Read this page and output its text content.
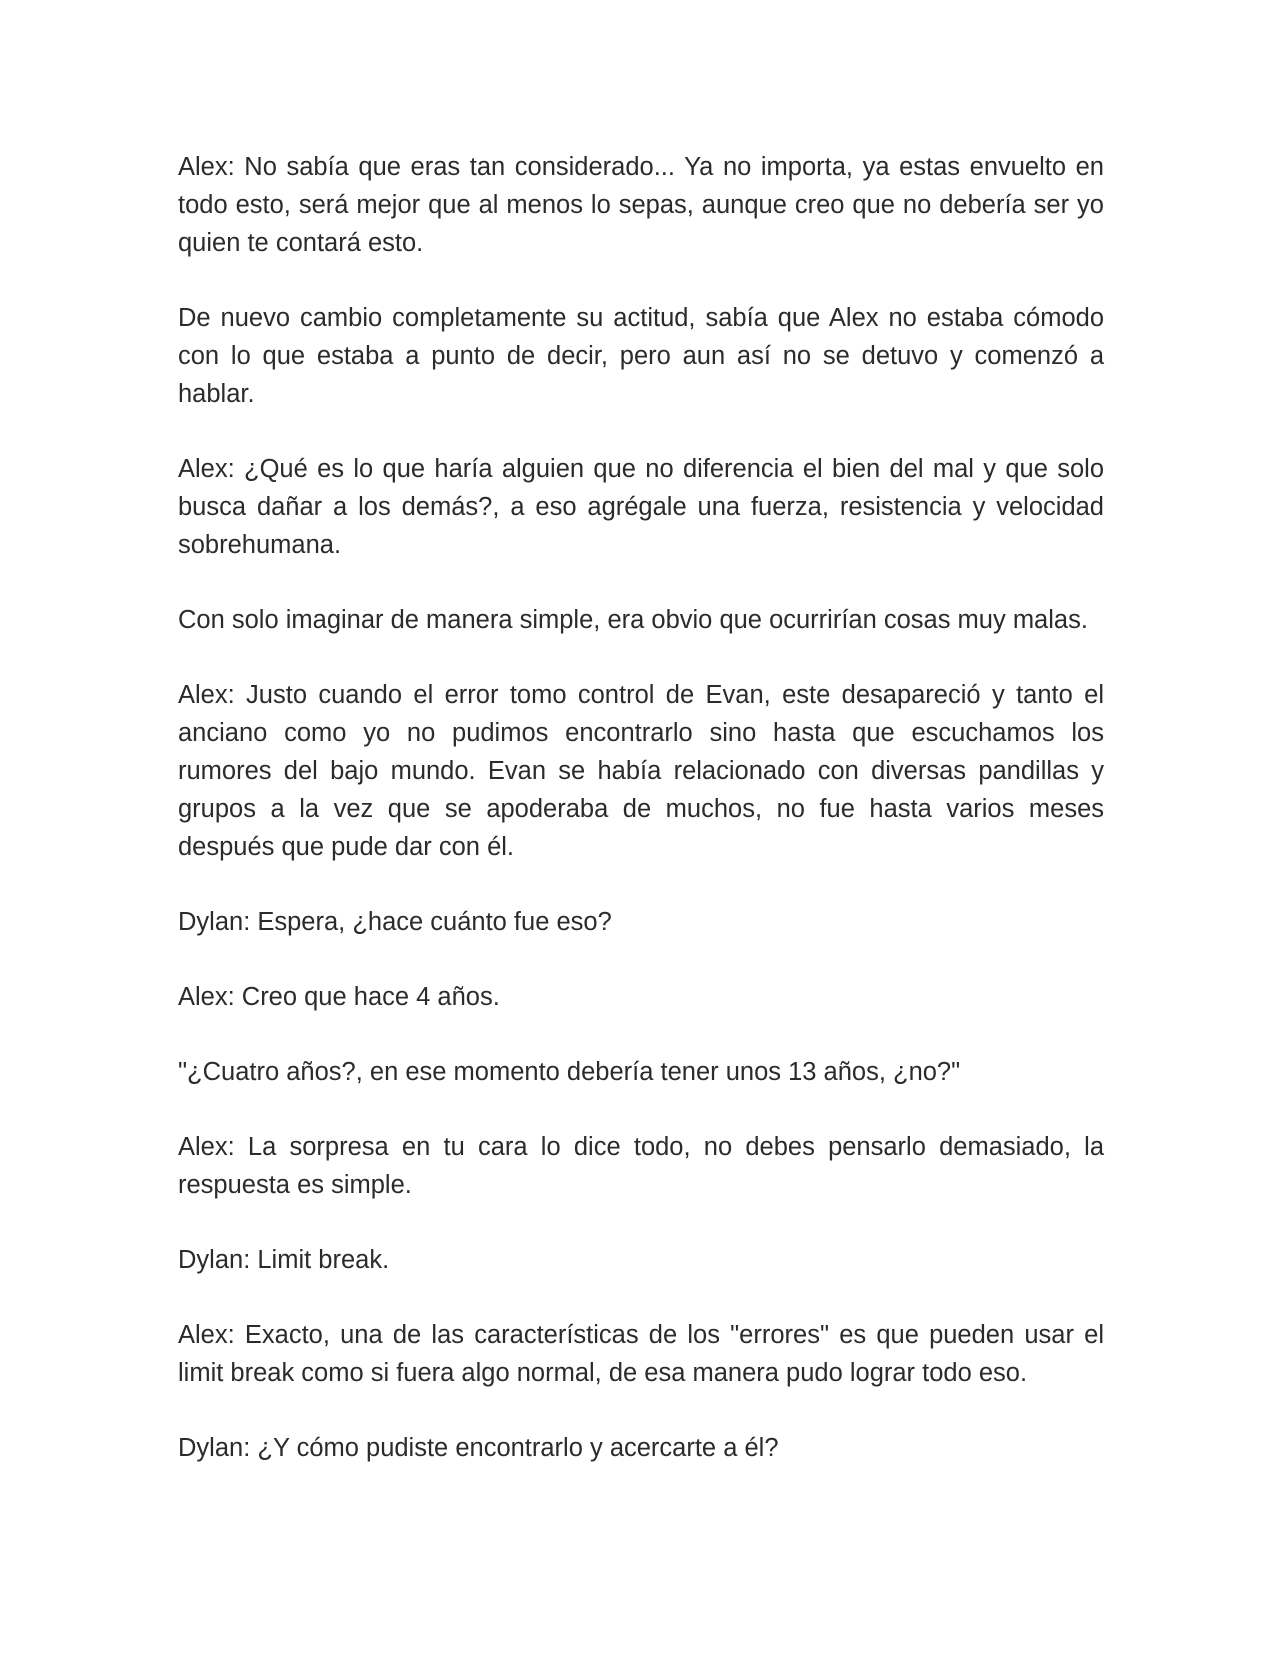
Alex: No sabía que eras tan considerado... Ya no importa, ya estas envuelto en todo esto, será mejor que al menos lo sepas, aunque creo que no debería ser yo quien te contará esto.

De nuevo cambio completamente su actitud, sabía que Alex no estaba cómodo con lo que estaba a punto de decir, pero aun así no se detuvo y comenzó a hablar.

Alex: ¿Qué es lo que haría alguien que no diferencia el bien del mal y que solo busca dañar a los demás?, a eso agrégale una fuerza, resistencia y velocidad sobrehumana.

Con solo imaginar de manera simple, era obvio que ocurrirían cosas muy malas.

Alex: Justo cuando el error tomo control de Evan, este desapareció y tanto el anciano como yo no pudimos encontrarlo sino hasta que escuchamos los rumores del bajo mundo. Evan se había relacionado con diversas pandillas y grupos a la vez que se apoderaba de muchos, no fue hasta varios meses después que pude dar con él.

Dylan: Espera, ¿hace cuánto fue eso?

Alex: Creo que hace 4 años.

"¿Cuatro años?, en ese momento debería tener unos 13 años, ¿no?"

Alex: La sorpresa en tu cara lo dice todo, no debes pensarlo demasiado, la respuesta es simple.

Dylan: Limit break.

Alex: Exacto, una de las características de los "errores" es que pueden usar el limit break como si fuera algo normal, de esa manera pudo lograr todo eso.

Dylan: ¿Y cómo pudiste encontrarlo y acercarte a él?
